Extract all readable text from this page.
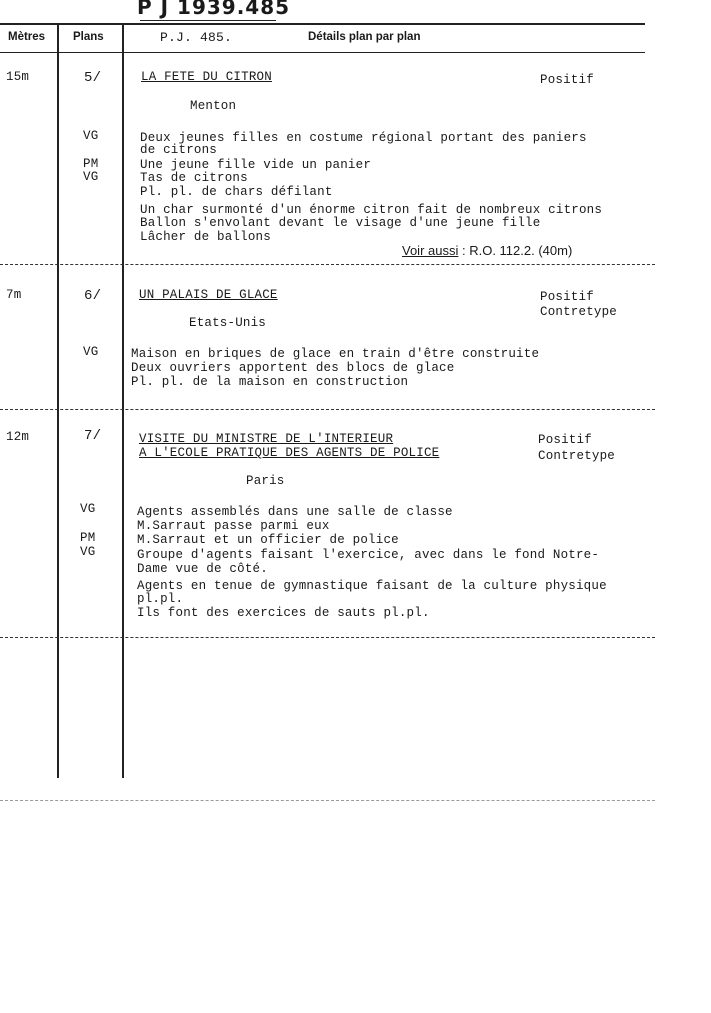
P J 1939.485
Mètres Plans	P.J. 485.	Détails plan par plan
15m	5/	LA FETE DU CITRON	Positif
Menton
VG	Deux jeunes filles en costume régional portant des paniers
de citrons
PM	Une jeune fille vide un panier
VG	Tas de citrons
Pl. pl. de chars défilant
Un char surmonté d'un énorme citron fait de nombreux citrons
Ballon s'envolant devant le visage d'une jeune fille
Lâcher de ballons
Voir aussi : R.O. 112.2. (40m)
7m	6/	UN PALAIS DE GLACE	Positif
Contretype
Etats-Unis
VG	Maison en briques de glace en train d'être construite
Deux ouvriers apportent des blocs de glace
Pl. pl. de la maison en construction
12m	7/	VISITE DU MINISTRE DE L'INTERIEUR
A L'ECOLE PRATIQUE DES AGENTS DE POLICE
Positif
Contretype
Paris
VG	Agents assemblés dans une salle de classe
M.Sarraut passe parmi eux
PM	M.Sarraut et un officier de police
VG	Groupe d'agents faisant l'exercice, avec dans le fond Notre-
Dame vue de côté.
Agents en tenue de gymnastique faisant de la culture physique
pl.pl.
Ils font des exercices de sauts pl.pl.
